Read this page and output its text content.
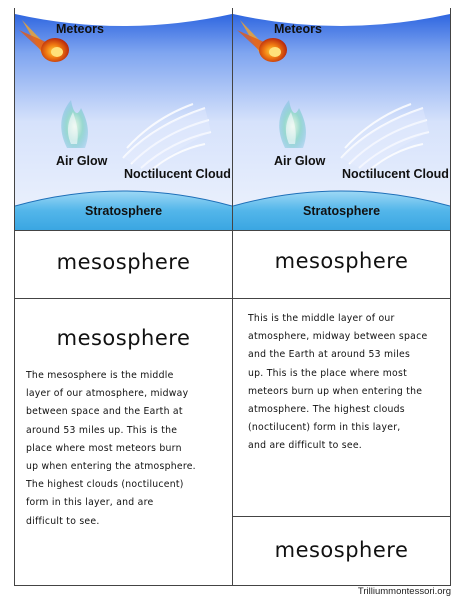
Meteors
Air Glow
Noctilucent Cloud
Stratosphere
Meteors
Air Glow
Noctilucent Cloud
Stratosphere
mesosphere	mesosphere
mesosphere
The mesosphere is the middle
layer of our atmosphere, midway
between space and the Earth at
around 53 miles up. This is the
place where most meteors burn
up when entering the atmosphere.
The highest clouds (noctilucent)
form in this layer, and are
difficult to see.
This is the middle layer of our
atmosphere, midway between space
and the Earth at around 53 miles
up. This is the place where most
meteors burn up when entering the
atmosphere. The highest clouds
(noctilucent) form in this layer,
and are difficult to see.
mesosphere
Trilliummontessori.org
